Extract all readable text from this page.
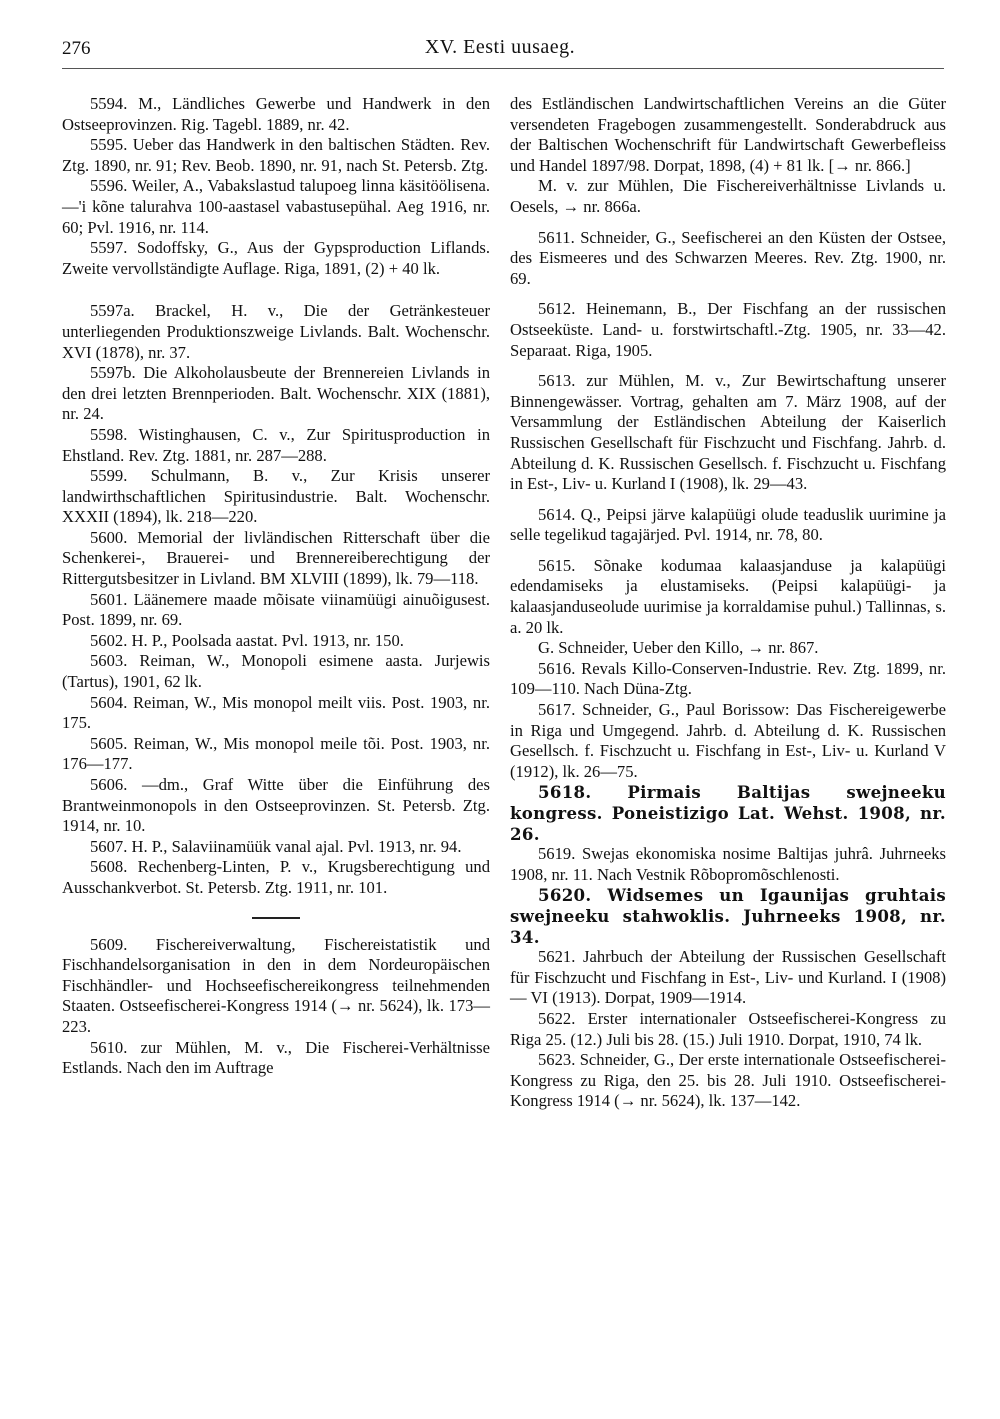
276	XV. Eesti uusaeg.

5594. M., Ländliches Gewerbe und Handwerk in den Ostseeprovinzen. Rig. Tagebl. 1889, nr. 42.

5595. Ueber das Handwerk in den baltischen Städten. Rev. Ztg. 1890, nr. 91; Rev. Beob. 1890, nr. 91, nach St. Petersb. Ztg.

5596. Weiler, A., Vabakslastud talupoeg linna käsitöölisena. —'i kõne talurahva 100-aastasel vabastusepühal. Aeg 1916, nr. 60; Pvl. 1916, nr. 114.

5597. Sodoffsky, G., Aus der Gypsproduction Liflands. Zweite vervollständigte Auflage. Riga, 1891, (2) + 40 lk.

5597a. Brackel, H. v., Die der Getränkesteuer unterliegenden Produktionszweige Livlands. Balt. Wochenschr. XVI (1878), nr. 37.

5597b. Die Alkoholausbeute der Brennereien Livlands in den drei letzten Brennperioden. Balt. Wochenschr. XIX (1881), nr. 24.

5598. Wistinghausen, C. v., Zur Spiritusproduction in Ehstland. Rev. Ztg. 1881, nr. 287—288.

5599. Schulmann, B. v., Zur Krisis unserer landwirthschaftlichen Spiritusindustrie. Balt. Wochenschr. XXXII (1894), lk. 218—220.

5600. Memorial der livländischen Ritterschaft über die Schenkerei-, Brauerei- und Brennereiberechtigung der Rittergutsbesitzer in Livland. BM XLVIII (1899), lk. 79—118.

5601. Läänemere maade mõisate viinamüügi ainuõigusest. Post. 1899, nr. 69.

5602. H. P., Poolsada aastat. Pvl. 1913, nr. 150.

5603. Reiman, W., Monopoli esimene aasta. Jurjewis (Tartus), 1901, 62 lk.

5604. Reiman, W., Mis monopol meilt viis. Post. 1903, nr. 175.

5605. Reiman, W., Mis monopol meile tõi. Post. 1903, nr. 176—177.

5606. —dm., Graf Witte über die Einführung des Brantweinmonopols in den Ostseeprovinzen. St. Petersb. Ztg. 1914, nr. 10.

5607. H. P., Salaviinamüük vanal ajal. Pvl. 1913, nr. 94.

5608. Rechenberg-Linten, P. v., Krugsberechtigung und Ausschankverbot. St. Petersb. Ztg. 1911, nr. 101.

5609. Fischereiverwaltung, Fischereistatistik und Fischhandelsorganisation in den in dem Nordeuropäischen Fischhändler- und Hochseefischereikongress teilnehmenden Staaten. Ostseefischerei-Kongress 1914 (→ nr. 5624), lk. 173—223.

5610. zur Mühlen, M. v., Die Fischerei-Verhältnisse Estlands. Nach den im Auftrage

des Estländischen Landwirtschaftlichen Vereins an die Güter versendeten Fragebogen zusammengestellt. Sonderabdruck aus der Baltischen Wochenschrift für Landwirtschaft Gewerbefleiss und Handel 1897/98. Dorpat, 1898, (4) + 81 lk. [→ nr. 866.]

M. v. zur Mühlen, Die Fischereiverhältnisse Livlands u. Oesels, → nr. 866a.

5611. Schneider, G., Seefischerei an den Küsten der Ostsee, des Eismeeres und des Schwarzen Meeres. Rev. Ztg. 1900, nr. 69.

5612. Heinemann, B., Der Fischfang an der russischen Ostseeküste. Land- u. forstwirtschaftl.-Ztg. 1905, nr. 33—42. Separaat. Riga, 1905.

5613. zur Mühlen, M. v., Zur Bewirtschaftung unserer Binnengewässer. Vortrag, gehalten am 7. März 1908, auf der Versammlung der Estländischen Abteilung der Kaiserlich Russischen Gesellschaft für Fischzucht und Fischfang. Jahrb. d. Abteilung d. K. Russischen Gesellsch. f. Fischzucht u. Fischfang in Est-, Liv- u. Kurland I (1908), lk. 29—43.

5614. Q., Peipsi järve kalapüügi olude teaduslik uurimine ja selle tegelikud tagajärjed. Pvl. 1914, nr. 78, 80.

5615. Sõnake kodumaa kalaasjanduse ja kalapüügi edendamiseks ja elustamiseks. (Peipsi kalapüügi- ja kalaasjanduseolude uurimise ja korraldamise puhul.) Tallinnas, s. a. 20 lk.

G. Schneider, Ueber den Killo, → nr. 867.

5616. Revals Killo-Conserven-Industrie. Rev. Ztg. 1899, nr. 109—110. Nach Düna-Ztg.

5617. Schneider, G., Paul Borissow: Das Fischereigewerbe in Riga und Umgegend. Jahrb. d. Abteilung d. K. Russischen Gesellsch. f. Fischzucht u. Fischfang in Est-, Liv- u. Kurland V (1912), lk. 26—75.

5618. Pirmais Baltijas swejneeku kongress. Poneistizigo Lat. Wehst. 1908, nr. 26.

5619. Swejas ekonomiska nosime Baltijas juhrâ. Juhrneeks 1908, nr. 11. Nach Vestnik Rõbopromõschlenosti.

5620. Widsemes un Igaunijas gruhtais swejneeku stahwoklis. Juhrneeks 1908, nr. 34.

5621. Jahrbuch der Abteilung der Russischen Gesellschaft für Fischzucht und Fischfang in Est-, Liv- und Kurland. I (1908) — VI (1913). Dorpat, 1909—1914.

5622. Erster internationaler Ostseefischerei-Kongress zu Riga 25. (12.) Juli bis 28. (15.) Juli 1910. Dorpat, 1910, 74 lk.

5623. Schneider, G., Der erste internationale Ostseefischerei-Kongress zu Riga, den 25. bis 28. Juli 1910. Ostseefischerei-Kongress 1914 (→ nr. 5624), lk. 137—142.
